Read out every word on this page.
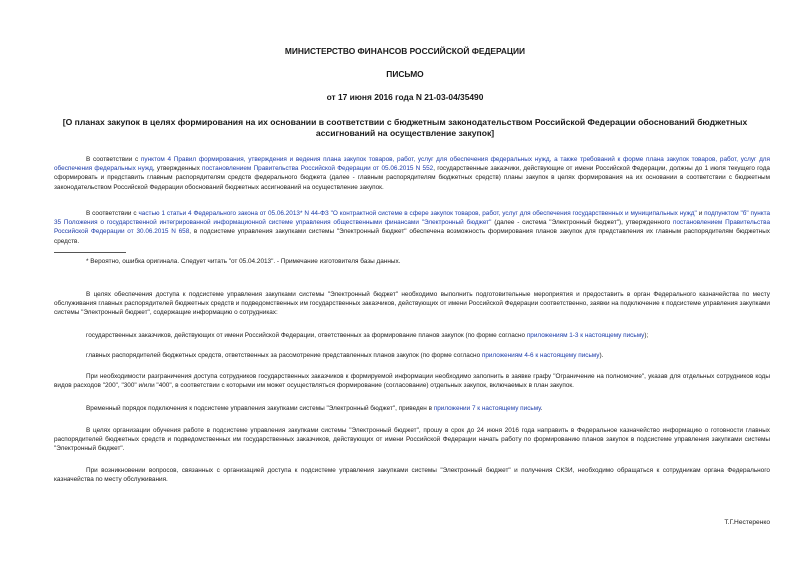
МИНИСТЕРСТВО ФИНАНСОВ РОССИЙСКОЙ ФЕДЕРАЦИИ
ПИСЬМО
от 17 июня 2016 года N 21-03-04/35490
[О планах закупок в целях формирования на их основании в соответствии с бюджетным законодательством Российской Федерации обоснований бюджетных ассигнований на осуществление закупок]
В соответствии с пунктом 4 Правил формирования, утверждения и ведения плана закупок товаров, работ, услуг для обеспечения федеральных нужд, а также требований к форме плана закупок товаров, работ, услуг для обеспечения федеральных нужд, утвержденных постановлением Правительства Российской Федерации от 05.06.2015 N 552, государственные заказчики, действующие от имени Российской Федерации, должны до 1 июля текущего года сформировать и представить главным распорядителям средств федерального бюджета (далее - главным распорядителям бюджетных средств) планы закупок в целях формирования на их основании в соответствии с бюджетным законодательством Российской Федерации обоснований бюджетных ассигнований на осуществление закупок.
В соответствии с частью 1 статьи 4 Федерального закона от 05.06.2013* N 44-ФЗ "О контрактной системе в сфере закупок товаров, работ, услуг для обеспечения государственных и муниципальных нужд" и подпунктом "б" пункта 35 Положения о государственной интегрированной информационной системе управления общественными финансами "Электронный бюджет" (далее - система "Электронный бюджет"), утвержденного постановлением Правительства Российской Федерации от 30.06.2015 N 658, в подсистеме управления закупками системы "Электронный бюджет" обеспечена возможность формирования планов закупок для представления их главным распорядителям бюджетных средств.
* Вероятно, ошибка оригинала. Следует читать "от 05.04.2013". - Примечание изготовителя базы данных.
В целях обеспечения доступа к подсистеме управления закупками системы "Электронный бюджет" необходимо выполнить подготовительные мероприятия и предоставить в орган Федерального казначейства по месту обслуживания главных распорядителей бюджетных средств и подведомственных им государственных заказчиков, действующих от имени Российской Федерации соответственно, заявки на подключение к подсистеме управления закупками системы "Электронный бюджет", содержащие информацию о сотрудниках:
государственных заказчиков, действующих от имени Российской Федерации, ответственных за формирование планов закупок (по форме согласно приложениям 1-3 к настоящему письму);
главных распорядителей бюджетных средств, ответственных за рассмотрение представленных планов закупок (по форме согласно приложениям 4-6 к настоящему письму).
При необходимости разграничения доступа сотрудников государственных заказчиков к формируемой информации необходимо заполнить в заявке графу "Ограничение на полномочие", указав для отдельных сотрудников коды видов расходов "200", "300" и/или "400", в соответствии с которыми им может осуществляться формирование (согласование) отдельных закупок, включаемых в план закупок.
Временный порядок подключения к подсистеме управления закупками системы "Электронный бюджет", приведен в приложении 7 к настоящему письму.
В целях организации обучения работе в подсистеме управления закупками системы "Электронный бюджет", прошу в срок до 24 июня 2016 года направить в Федеральное казначейство информацию о готовности главных распорядителей бюджетных средств и подведомственных им государственных заказчиков, действующих от имени Российской Федерации начать работу по формированию планов закупок в подсистеме управления закупками системы "Электронный бюджет".
При возникновении вопросов, связанных с организацией доступа к подсистеме управления закупками системы "Электронный бюджет" и получения СКЗИ, необходимо обращаться к сотрудникам органа Федерального казначейства по месту обслуживания.
Т.Г.Нестеренко
